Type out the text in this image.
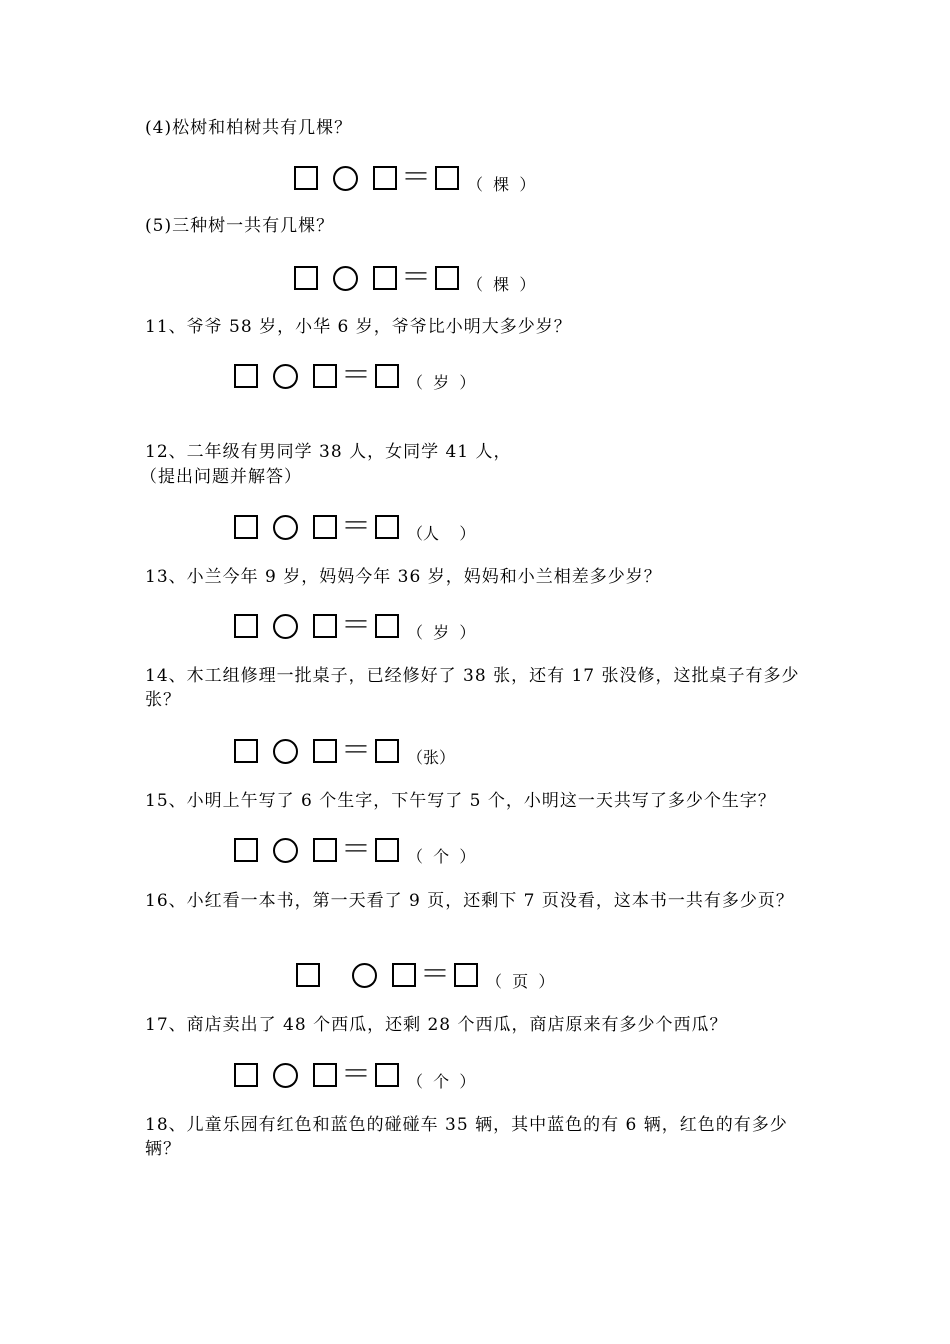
(4)松树和柏树共有几棵？

＝ （  棵  ）

(5)三种树一共有几棵？

＝ （  棵  ）

11、爷爷 58 岁，小华 6 岁，爷爷比小明大多少岁？

＝ （  岁  ）

12、二年级有男同学 38 人，女同学 41 人，

（提出问题并解答）

＝ （人    ）

13、小兰今年 9 岁，妈妈今年 36 岁，妈妈和小兰相差多少岁？

＝ （  岁  ）

14、木工组修理一批桌子，已经修好了 38 张，还有 17 张没修，这批桌子有多少张？

＝ （张）

15、小明上午写了 6 个生字，下午写了 5 个，小明这一天共写了多少个生字？

＝ （  个  ）

16、小红看一本书，第一天看了 9 页，还剩下 7 页没看，这本书一共有多少页？

＝ （  页  ）

17、商店卖出了 48 个西瓜，还剩 28 个西瓜，商店原来有多少个西瓜？

＝ （  个  ）

18、儿童乐园有红色和蓝色的碰碰车 35 辆，其中蓝色的有 6 辆，红色的有多少辆？
